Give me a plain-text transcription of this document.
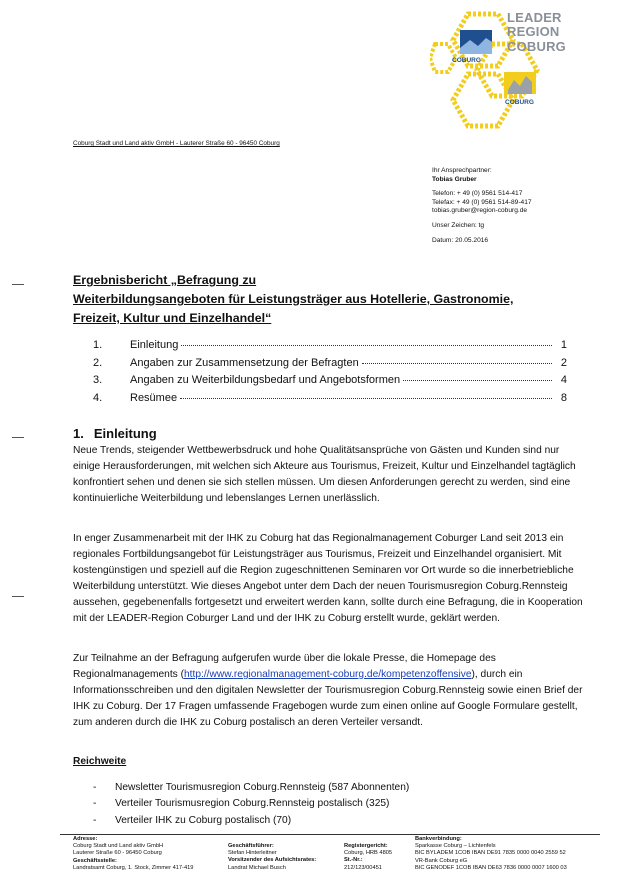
COBURG
COBURG
LEADER
REGION
COBURG
Coburg Stadt und Land aktiv GmbH - Lauterer Straße 60 - 96450 Coburg
Ihr Ansprechpartner:
Tobias Gruber
Telefon: + 49 (0) 9561 514-417
Telefax: + 49 (0) 9561 514-89-417
tobias.gruber@region-coburg.de
Unser Zeichen: tg
Datum: 20.05.2016
Ergebnisbericht „Befragung zu
Weiterbildungsangeboten für Leistungsträger aus Hotellerie, Gastronomie,
Freizeit, Kultur und Einzelhandel“
1.	Einleitung	1
2.	Angaben zur Zusammensetzung der Befragten	2
3.	Angaben zu Weiterbildungsbedarf und Angebotsformen	4
4.	Resümee	8
1. Einleitung
Neue Trends, steigender Wettbewerbsdruck und hohe Qualitätsansprüche von Gästen und Kunden sind nur einige Herausforderungen, mit welchen sich Akteure aus Tourismus, Freizeit, Kultur und Einzelhandel tagtäglich konfrontiert sehen und denen sie sich stellen müssen. Um diesen Anforderungen gerecht zu werden, sind eine kontinuierliche Weiterbildung und lebenslanges Lernen unerlässlich.
In enger Zusammenarbeit mit der IHK zu Coburg hat das Regionalmanagement Coburger Land seit 2013 ein regionales Fortbildungsangebot für Leistungsträger aus Tourismus, Freizeit und Einzelhandel organisiert. Mit kostengünstigen und speziell auf die Region zugeschnittenen Seminaren vor Ort wurde so die innerbetriebliche Weiterbildung unterstützt. Wie dieses Angebot unter dem Dach der neuen Tourismusregion Coburg.Rennsteig aussehen, gegebenenfalls fortgesetzt und erweitert werden kann, sollte durch eine Befragung, die in Kooperation mit der LEADER-Region Coburger Land und der IHK zu Coburg erstellt wurde, geklärt werden.
Zur Teilnahme an der Befragung aufgerufen wurde über die lokale Presse, die Homepage des Regionalmanagements (http://www.regionalmanagement-coburg.de/kompetenzoffensive), durch ein Informationsschreiben und den digitalen Newsletter der Tourismusregion Coburg.Rennsteig sowie einen Brief der IHK zu Coburg. Der 17 Fragen umfassende Fragebogen wurde zum einen online auf Google Formulare gestellt, zum anderen durch die IHK zu Coburg postalisch an deren Verteiler versandt.
Reichweite
- Newsletter Tourismusregion Coburg.Rennsteig (587 Abonnenten)
- Verteiler Tourismusregion Coburg.Rennsteig postalisch (325)
- Verteiler IHK zu Coburg postalisch (70)
Adresse:
Coburg Stadt und Land aktiv GmbH
Lauterer Straße 60 - 96450 Coburg
Geschäftsstelle:
Landratsamt Coburg, 1. Stock, Zimmer 417-419
Geschäftsführer:
Stefan Hinterleitner
Vorsitzender des Aufsichtsrates:
Landrat Michael Busch
Registergericht:
Coburg, HRB 4805
St.-Nr.:
212/123/00451
Bankverbindung:
Sparkasse Coburg – Lichtenfels
BIC BYLADEM 1COB IBAN DE91 7835 0000 0040 2559 52
VR-Bank Coburg eG
BIC GENODEF 1COB IBAN DE63 7836 0000 0007 1600 03
